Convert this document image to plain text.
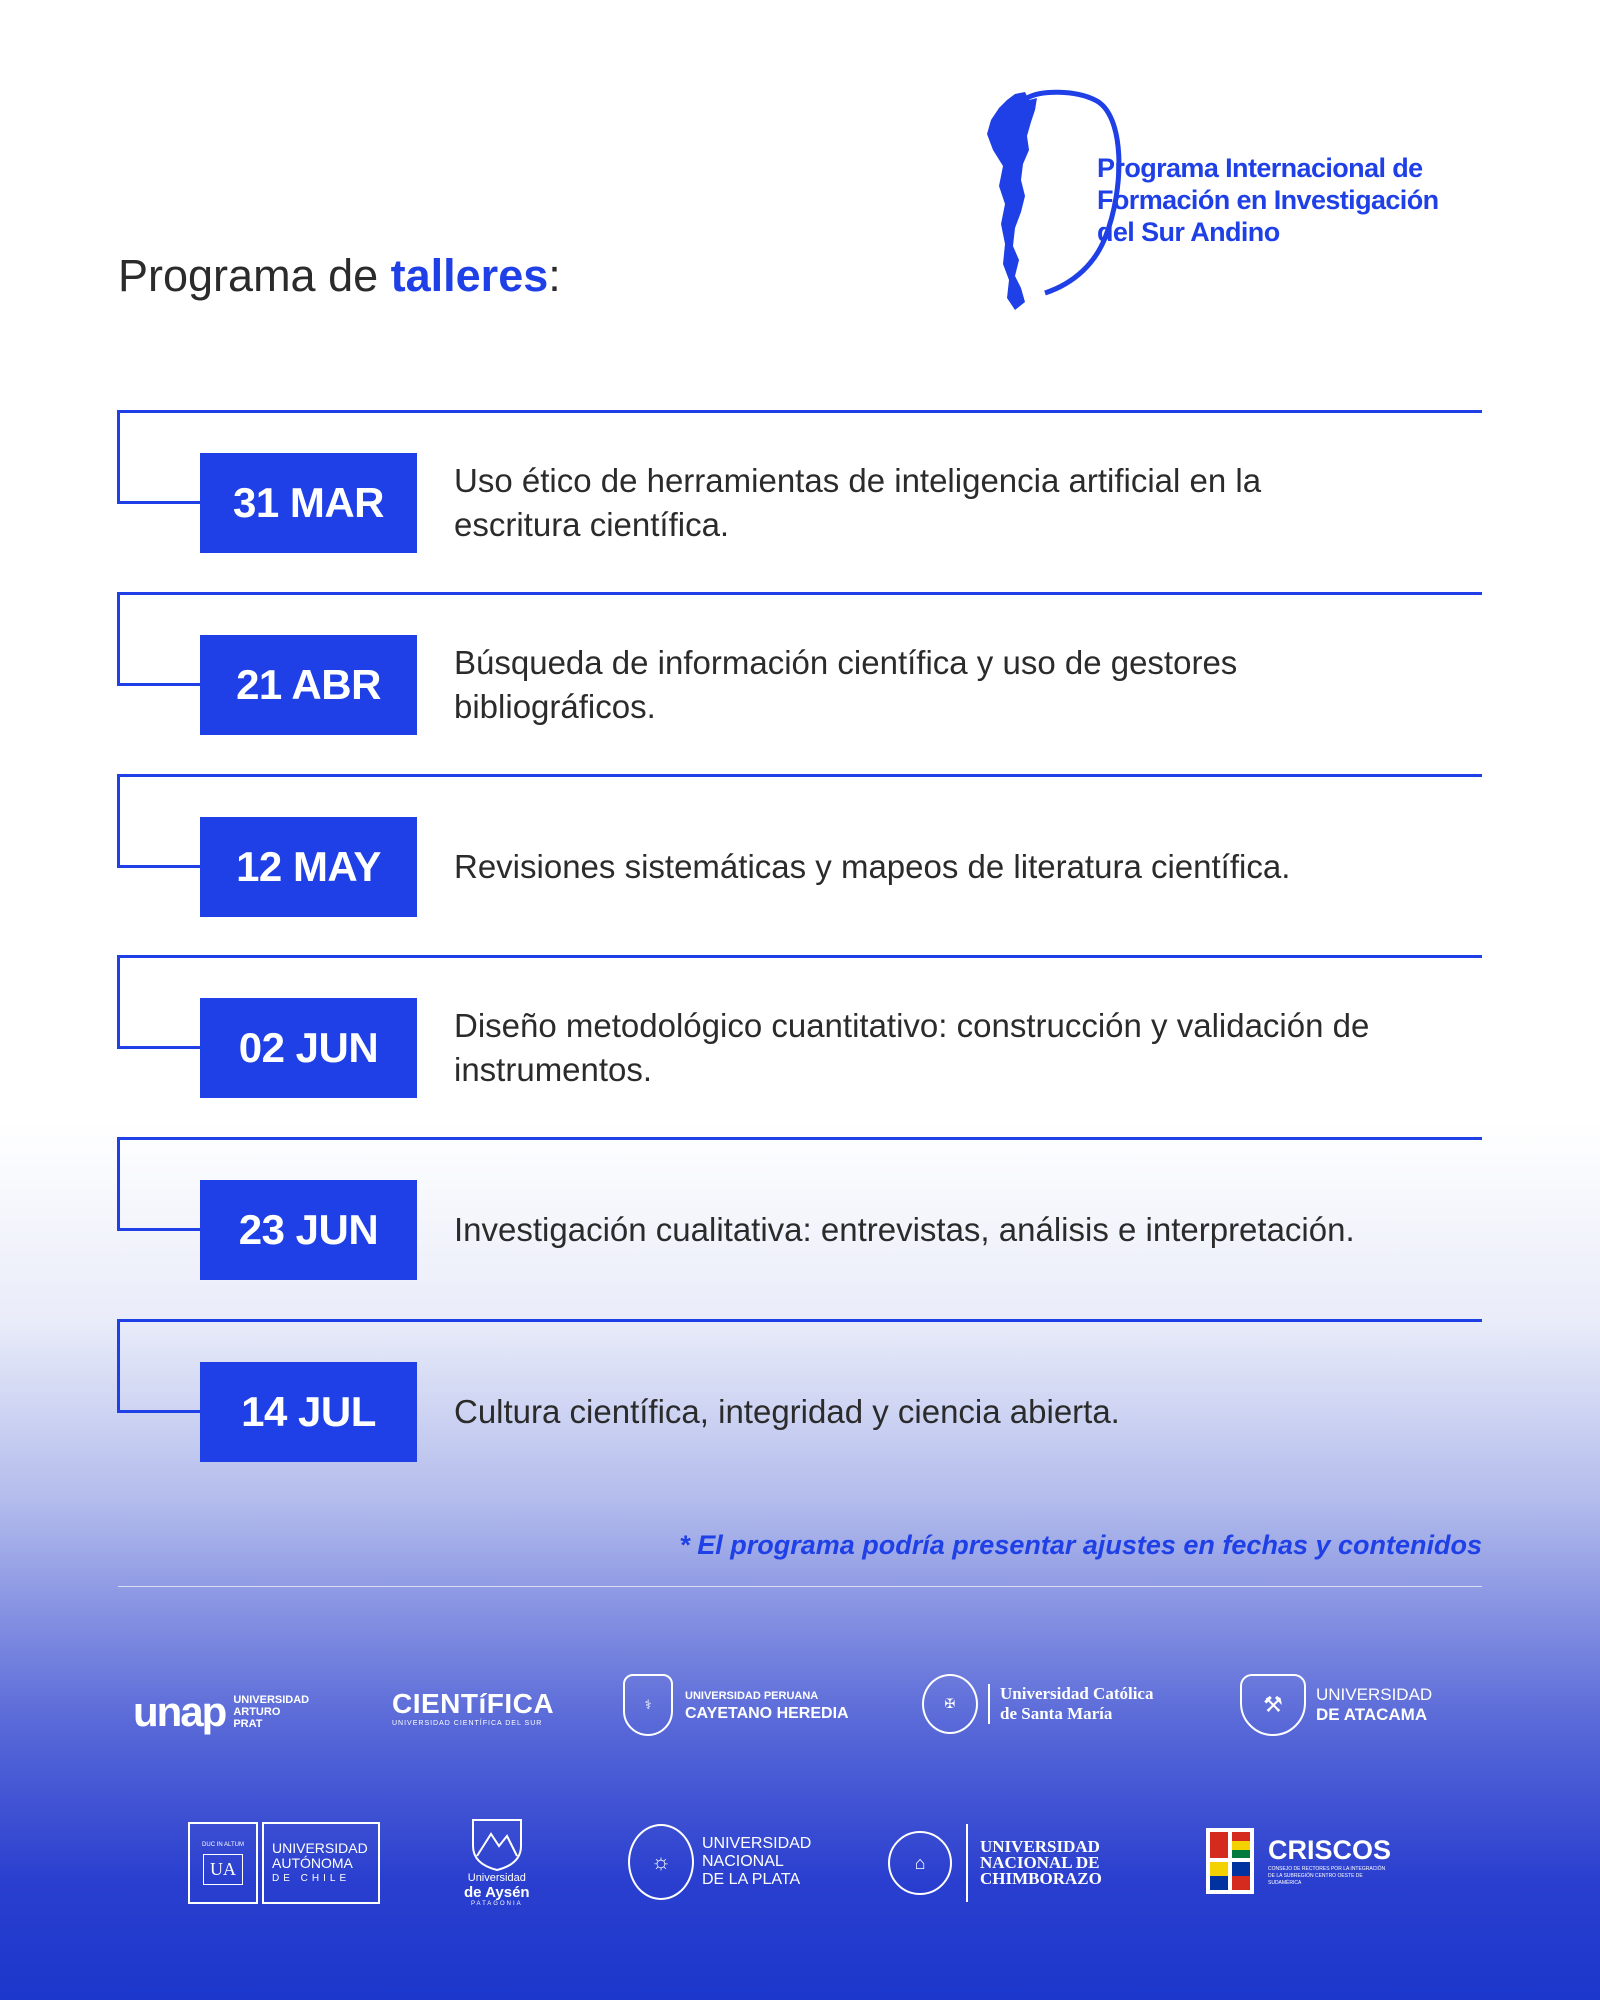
Programa Internacional de
Formación en Investigación
del Sur Andino
Programa de talleres:
31 MAR	Uso ético de herramientas de inteligencia artificial en la escritura científica.
21 ABR	Búsqueda de información científica y uso de gestores bibliográficos.
12 MAY	Revisiones sistemáticas y mapeos de literatura científica.
02 JUN	Diseño metodológico cuantitativo: construcción y validación de instrumentos.
23 JUN	Investigación cualitativa: entrevistas, análisis e interpretación.
14 JUL	Cultura científica, integridad y ciencia abierta.
* El programa podría presentar ajustes en fechas y contenidos
unap UNIVERSIDAD
ARTURO
PRAT
CIENTíFICA
UNIVERSIDAD CIENTÍFICA DEL SUR
⚕
UNIVERSIDAD PERUANA
CAYETANO HEREDIA
✠
Universidad Católica
de Santa María	⚒	UNIVERSIDAD
DE ATACAMA
DUC IN ALTUM
UA
UNIVERSIDAD
AUTÓNOMA
DE CHILE	Universidad
de Aysén
PATAGONIA
☼
UNIVERSIDAD
NACIONAL
DE LA PLATA
⌂
UNIVERSIDAD
NACIONAL DE
CHIMBORAZO
CRISCOS
CONSEJO DE RECTORES POR LA INTEGRACIÓN
DE LA SUBREGIÓN CENTRO OESTE DE
SUDAMÉRICA
